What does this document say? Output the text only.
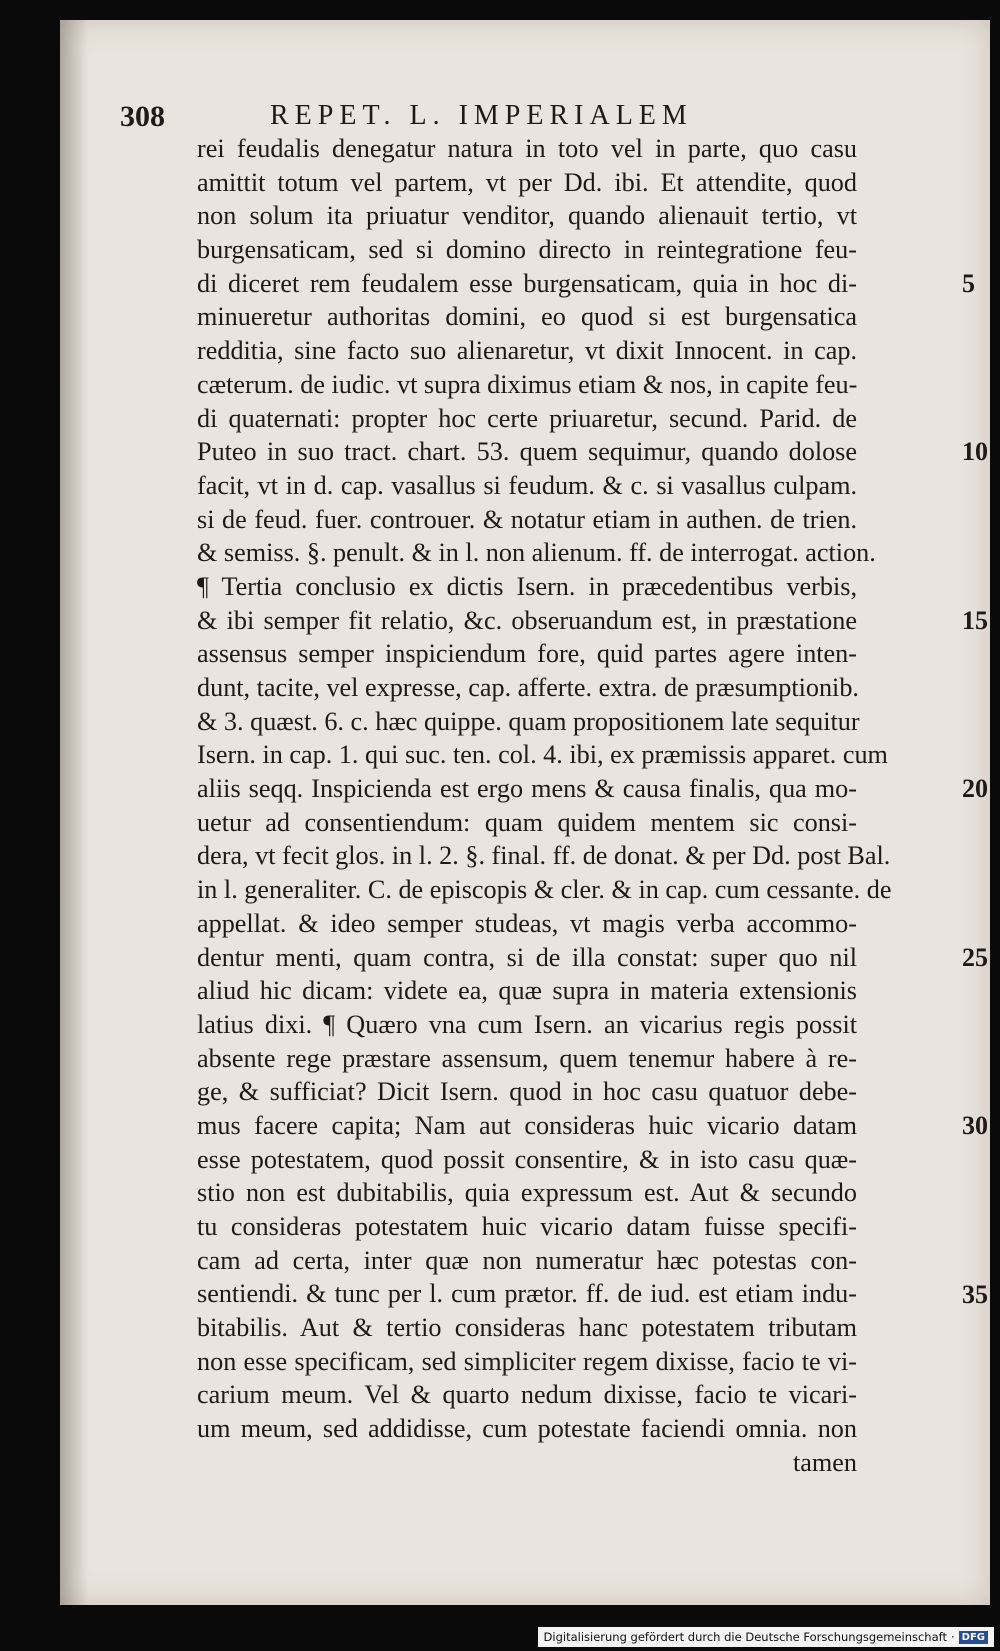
308	REPET. L. IMPERIALEM
rei feudalis denegatur natura in toto vel in parte, quo casu
amittit totum vel partem, vt per Dd. ibi. Et attendite, quod
non solum ita priuatur venditor, quando alienauit tertio, vt
burgensaticam, sed si domino directo in reintegratione feu-
di diceret rem feudalem esse burgensaticam, quia in hoc di-
minueretur authoritas domini, eo quod si est burgensatica
redditia, sine facto suo alienaretur, vt dixit Innocent. in cap.
cæterum. de iudic. vt supra diximus etiam & nos, in capite feu-
di quaternati: propter hoc certe priuaretur, secund. Parid. de
Puteo in suo tract. chart. 53. quem sequimur, quando dolose
facit, vt in d. cap. vasallus si feudum. & c. si vasallus culpam.
si de feud. fuer. controuer. & notatur etiam in authen. de trien.
& semiss. §. penult. & in l. non alienum. ff. de interrogat. action.
¶ Tertia conclusio ex dictis Isern. in præcedentibus verbis,
& ibi semper fit relatio, &c. obseruandum est, in præstatione
assensus semper inspiciendum fore, quid partes agere inten-
dunt, tacite, vel expresse, cap. afferte. extra. de præsumptionib.
& 3. quæst. 6. c. hæc quippe. quam propositionem late sequitur
Isern. in cap. 1. qui suc. ten. col. 4. ibi, ex præmissis apparet. cum
aliis seqq. Inspicienda est ergo mens & causa finalis, qua mo-
uetur ad consentiendum: quam quidem mentem sic consi-
dera, vt fecit glos. in l. 2. §. final. ff. de donat. & per Dd. post Bal.
in l. generaliter. C. de episcopis & cler. & in cap. cum cessante. de
appellat. & ideo semper studeas, vt magis verba accommo-
dentur menti, quam contra, si de illa constat: super quo nil
aliud hic dicam: videte ea, quæ supra in materia extensionis
latius dixi. ¶ Quæro vna cum Isern. an vicarius regis possit
absente rege præstare assensum, quem tenemur habere à re-
ge, & sufficiat? Dicit Isern. quod in hoc casu quatuor debe-
mus facere capita; Nam aut consideras huic vicario datam
esse potestatem, quod possit consentire, & in isto casu quæ-
stio non est dubitabilis, quia expressum est. Aut & secundo
tu consideras potestatem huic vicario datam fuisse specifi-
cam ad certa, inter quæ non numeratur hæc potestas con-
sentiendi. & tunc per l. cum prætor. ff. de iud. est etiam indu-
bitabilis. Aut & tertio consideras hanc potestatem tributam
non esse specificam, sed simpliciter regem dixisse, facio te vi-
carium meum. Vel & quarto nedum dixisse, facio te vicari-
um meum, sed addidisse, cum potestate faciendi omnia. non
tamen
5
10
15
20
25
30
35
Digitalisierung gefördert durch die Deutsche Forschungsgemeinschaft · DFG
